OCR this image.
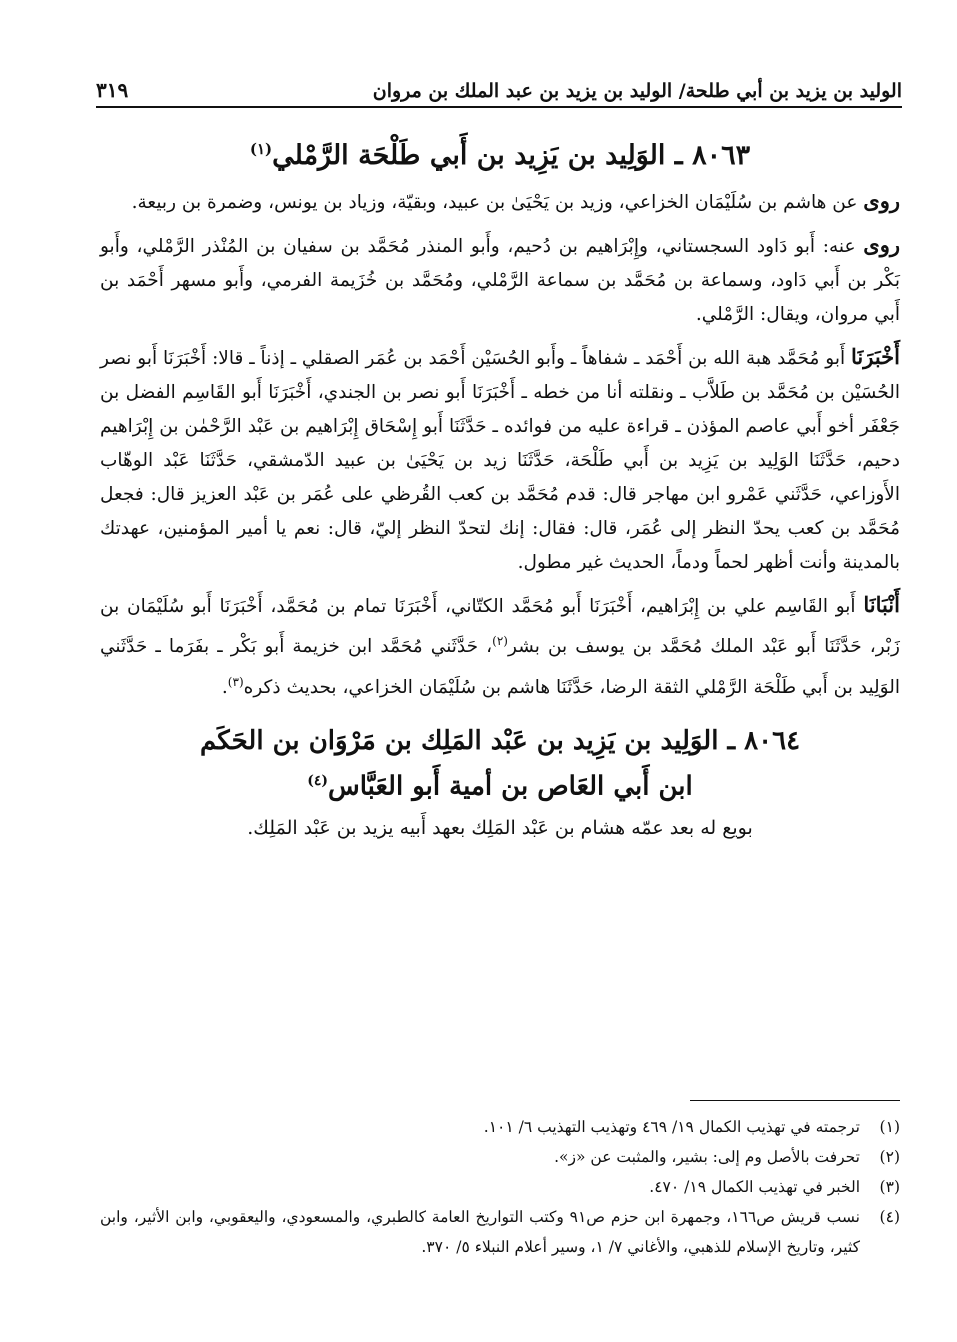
الوليد بن يزيد بن أبي طلحة/ الوليد بن يزيد بن عبد الملك بن مروان
٣١٩
٨٠٦٣ ـ الوَلِيد بن يَزِيد بن أَبي طَلْحَة الرَّمْلي$^{(١)}$

روى عن هاشم بن سُلَيْمَان الخزاعي، وزيد بن يَحْيَىٰ بن عبيد، وبقيّة، وزياد بن يونس، وضمرة بن ربيعة.

روى عنه: أَبو دَاود السجستاني، وإِبْرَاهيم بن دُحيم، وأَبو المنذر مُحَمَّد بن سفيان بن المُنْذر الرَّمْلي، وأَبو بَكْر بن أَبي دَاود، وسماعة بن مُحَمَّد بن سماعة الرَّمْلي، ومُحَمَّد بن خُزَيمة الفرمي، وأَبو مسهر أَحْمَد بن أَبي مروان، ويقال: الرَّمْلي.

أَخْبَرَنَا أَبو مُحَمَّد هبة الله بن أَحْمَد ـ شفاهاً ـ وأَبو الحُسَيْن أَحْمَد بن عُمَر الصقلي ـ إذناً ـ قالا: أَخْبَرَنَا أَبو نصر الحُسَيْن بن مُحَمَّد بن طَلاَّب ـ ونقلته أنا من خطه ـ أَخْبَرَنَا أَبو نصر بن الجندي، أَخْبَرَنَا أَبو القَاسِم الفضل بن جَعْفَر أخو أَبي عاصم المؤذن ـ قراءة عليه من فوائده ـ حَدَّثَنَا أَبو إِسْحَاق إِبْرَاهيم بن عَبْد الرَّحْمٰن بن إِبْرَاهيم دحيم، حَدَّثَنَا الوَلِيد بن يَزِيد بن أَبي طَلْحَة، حَدَّثَنَا زيد بن يَحْيَىٰ بن عبيد الدّمشقي، حَدَّثَنَا عَبْد الوهّاب الأَوزاعي، حَدَّثَني عَمْرو ابن مهاجر قال: قدم مُحَمَّد بن كعب القُرظي على عُمَر بن عَبْد العزيز قال: فجعل مُحَمَّد بن كعب يحدّ النظر إلى عُمَر، قال: فقال: إنك لتحدّ النظر إليّ، قال: نعم يا أمير المؤمنين، عهدتك بالمدينة وأنت أظهر لحماً ودماً، الحديث غير مطول.

أَنْبَانَا أَبو القَاسِم علي بن إِبْرَاهيم، أَخْبَرَنَا أَبو مُحَمَّد الكتّاني، أَخْبَرَنَا تمام بن مُحَمَّد، أَخْبَرَنَا أَبو سُلَيْمَان بن زَبْر، حَدَّثَنَا أَبو عَبْد الملك مُحَمَّد بن يوسف بن بشر$^{(٢)}$، حَدَّثَني مُحَمَّد ابن خزيمة أَبو بَكْر ـ بفَرَما ـ حَدَّثَني الوَلِيد بن أَبي طَلْحَة الرَّمْلي الثقة الرضا، حَدَّثَنَا هاشم بن سُلَيْمَان الخزاعي، بحديث ذكره$^{(٣)}$.

٨٠٦٤ ـ الوَلِيد بن يَزِيد بن عَبْد المَلِك بن مَرْوَان بن الحَكَم
ابن أَبي العَاص بن أمية أَبو العَبَّاس$^{(٤)}$

بويع له بعد عمّه هشام بن عَبْد المَلِك بعهد أَبيه يزيد بن عَبْد المَلِك.

(١)
ترجمته في تهذيب الكمال ١٩/ ٤٦٩ وتهذيب التهذيب ٦/ ١٠١.
(٢)
تحرفت بالأصل وم إلى: بشير، والمثبت عن «ز».
(٣)
الخبر في تهذيب الكمال ١٩/ ٤٧٠.
(٤)
نسب قريش ص١٦٦، وجمهرة ابن حزم ص٩١ وكتب التواريخ العامة كالطبري، والمسعودي، واليعقوبي، وابن الأثير، وابن كثير، وتاريخ الإسلام للذهبي، والأغاني ٧/ ١، وسير أعلام النبلاء ٥/ ٣٧٠.
